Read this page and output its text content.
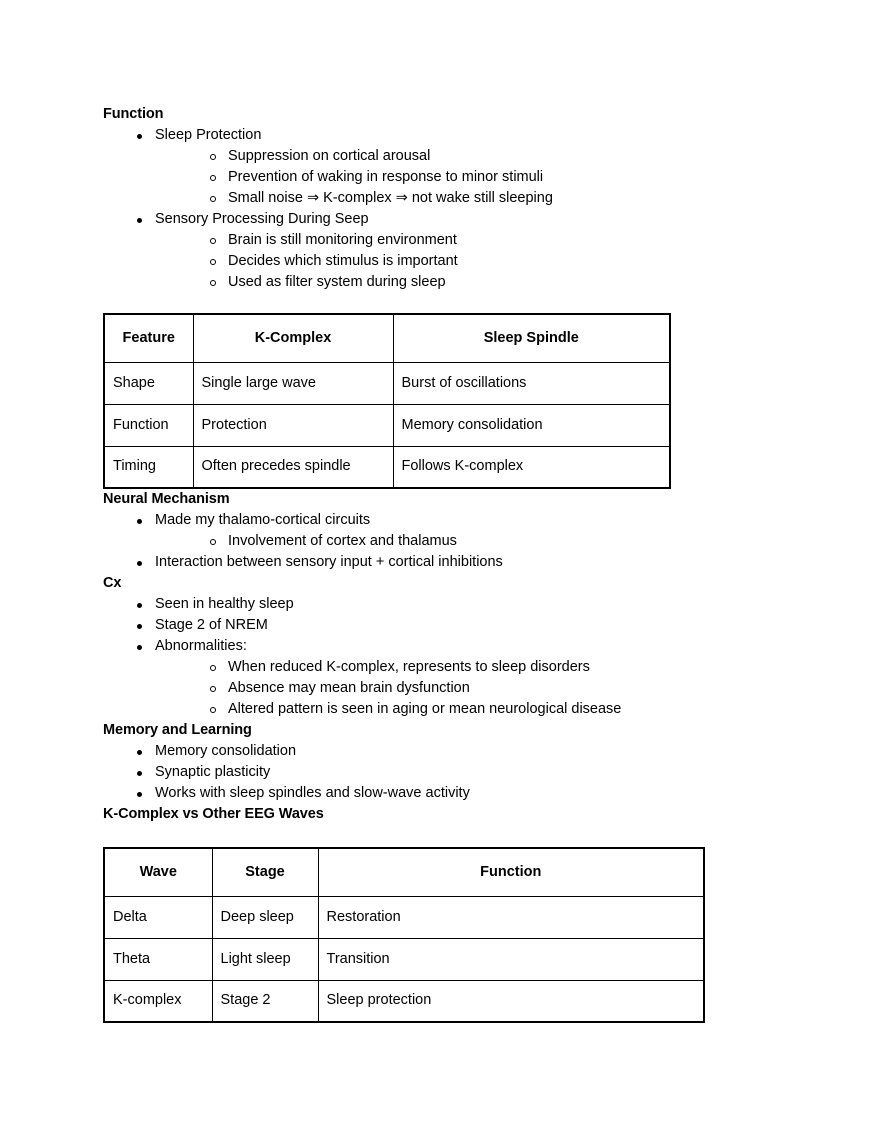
Function
Sleep Protection
Suppression on cortical arousal
Prevention of waking in response to minor stimuli
Small noise ⇒ K-complex ⇒ not wake still sleeping
Sensory Processing During Seep
Brain is still monitoring environment
Decides which stimulus is important
Used as filter system during sleep
Feature	K-Complex	Sleep Spindle
Shape	Single large wave	Burst of oscillations
Function	Protection	Memory consolidation
Timing	Often precedes spindle	Follows K-complex
Neural Mechanism
Made my thalamo-cortical circuits
Involvement of cortex and thalamus
Interaction between sensory input + cortical inhibitions
Cx
Seen in healthy sleep
Stage 2 of NREM
Abnormalities:
When reduced K-complex, represents to sleep disorders
Absence may mean brain dysfunction
Altered pattern is seen in aging or mean neurological disease
Memory and Learning
Memory consolidation
Synaptic plasticity
Works with sleep spindles and slow-wave activity
K-Complex vs Other EEG Waves
Wave	Stage	Function
Delta	Deep sleep	Restoration
Theta	Light sleep	Transition
K-complex	Stage 2	Sleep protection
